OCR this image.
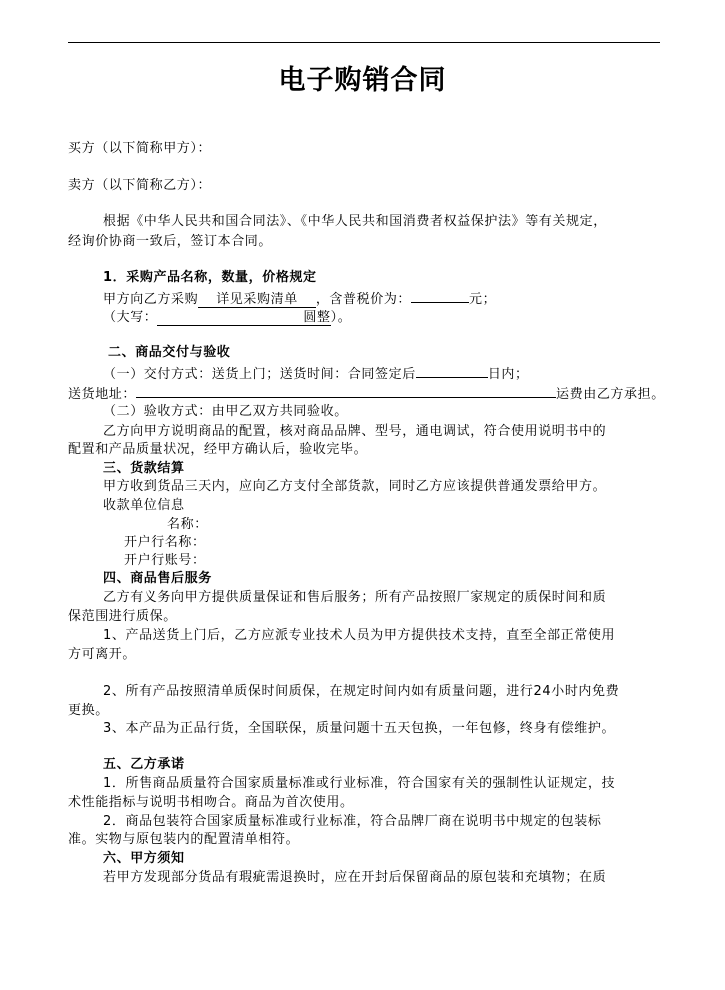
电子购销合同
买方（以下简称甲方）：
卖方（以下简称乙方）：
根据《中华人民共和国合同法》、《中华人民共和国消费者权益保护法》等有关规定，
经询价协商一致后，签订本合同。
1．采购产品名称，数量，价格规定
甲方向乙方采购 详见采购清单 ，含普税价为：	元；
（大写：	圆整）。
二、商品交付与验收
（一）交付方式：送货上门；送货时间：合同签定后	日内；
送货地址：	运费由乙方承担。
（二）验收方式：由甲乙双方共同验收。
乙方向甲方说明商品的配置，核对商品品牌、型号，通电调试，符合使用说明书中的
配置和产品质量状况，经甲方确认后，验收完毕。
三、货款结算
甲方收到货品三天内，应向乙方支付全部货款，同时乙方应该提供普通发票给甲方。
收款单位信息
名称：
开户行名称：
开户行账号：
四、商品售后服务
乙方有义务向甲方提供质量保证和售后服务；所有产品按照厂家规定的质保时间和质
保范围进行质保。
1、产品送货上门后，乙方应派专业技术人员为甲方提供技术支持，直至全部正常使用
方可离开。
2、所有产品按照清单质保时间质保，在规定时间内如有质量问题，进行24小时内免费
更换。
3、本产品为正品行货，全国联保，质量问题十五天包换，一年包修，终身有偿维护。
五、乙方承诺
1．所售商品质量符合国家质量标准或行业标准，符合国家有关的强制性认证规定，技
术性能指标与说明书相吻合。商品为首次使用。
2．商品包装符合国家质量标准或行业标准，符合品牌厂商在说明书中规定的包装标
准。实物与原包装内的配置清单相符。
六、甲方须知
若甲方发现部分货品有瑕疵需退换时，应在开封后保留商品的原包装和充填物；在质
